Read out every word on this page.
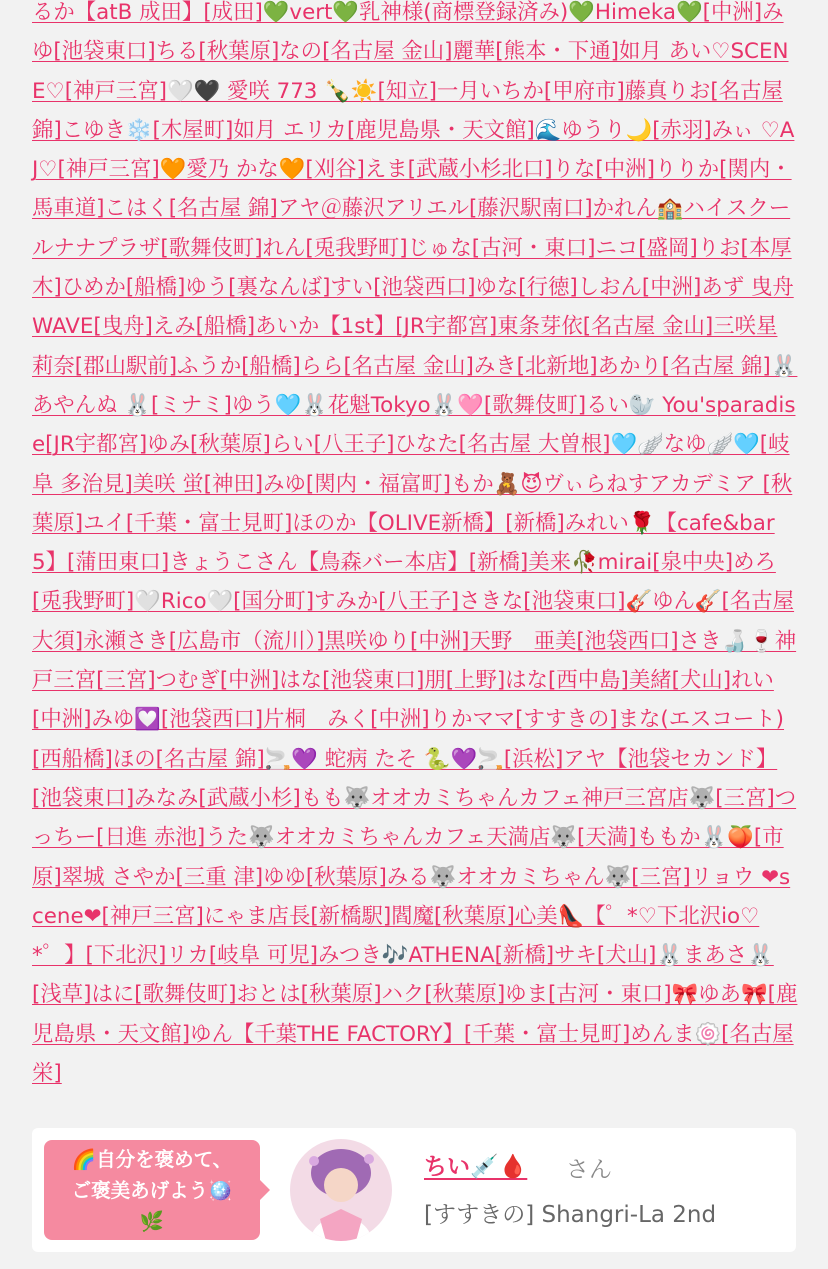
るか【atB 成田】[成田]💚vert💚乳神様(商標登録済み)💚Himeka💚[中洲]みゆ[池袋東口]ちる[秋葉原]なの[名古屋 金山]麗華[熊本・下通]如月 あい♡SCENE♡[神戸三宮]🤍🖤 愛咲 773 🍾☀️[知立]一月いちか[甲府市]藤真りお[名古屋 錦]こゆき❄️[木屋町]如月 エリカ[鹿児島県・天文館]🌊ゆうり🌙[赤羽]みぃ ♡AJ♡[神戸三宮]🧡愛乃 かな🧡[刈谷]えま[武蔵小杉北口]りな[中洲]りりか[関内・馬車道]こはく[名古屋 錦]アヤ＠藤沢アリエル[藤沢駅南口]かれん🏫ハイスクールナナプラザ[歌舞伎町]れん[兎我野町]じゅな[古河・東口]ニコ[盛岡]りお[本厚木]ひめか[船橋]ゆう[裏なんば]すい[池袋西口]ゆな[行徳]しおん[中洲]あず 曳舟WAVE[曳舟]えみ[船橋]あいか【1st】[JR宇都宮]東条芽依[名古屋 金山]三咲星莉奈[郡山駅前]ふうか[船橋]らら[名古屋 金山]みき[北新地]あかり[名古屋 錦]🐰 あやんぬ 🐰[ミナミ]ゆう🩵🐰花魁Tokyo🐰🩷[歌舞伎町]るい🦭 You'sparadise[JR宇都宮]ゆみ[秋葉原]らい[八王子]ひなた[名古屋 大曽根]🩵🪽なゆ🪽🩵[岐阜 多治見]美咲 蛍[神田]みゆ[関内・福富町]もか🧸😈ヴぃらねすアカデミア [秋葉原]ユイ[千葉・富士見町]ほのか【OLIVE新橋】[新橋]みれい🌹【cafe&bar 5】[蒲田東口]きょうこさん【鳥森バー本店】[新橋]美来🥀mirai[泉中央]めろ[兎我野町]🤍Rico🤍[国分町]すみか[八王子]さきな[池袋東口]🎸ゆん🎸[名古屋 大須]永瀬さき[広島市（流川）]黒咲ゆり[中洲]天野　亜美[池袋西口]さき🍶🍷神戸三宮[三宮]つむぎ[中洲]はな[池袋東口]朋[上野]はな[西中島]美緒[犬山]れい[中洲]みゆ💟[池袋西口]片桐　みく[中洲]りかママ[すすきの]まな(エスコート)[西船橋]ほの[名古屋 錦]🚬💜 蛇病 たそ 🐍💜🚬[浜松]アヤ【池袋セカンド】[池袋東口]みなみ[武蔵小杉]もも🐺オオカミちゃんカフェ神戸三宮店🐺[三宮]つっちー[日進 赤池]うた🐺オオカミちゃんカフェ天満店🐺[天満]ももか🐰🍑[市原]翠城 さやか[三重 津]ゆゆ[秋葉原]みる🐺オオカミちゃん🐺[三宮]リョウ ❤scene❤[神戸三宮]にゃま店長[新橋駅]閻魔[秋葉原]心美👠【゜*♡下北沢io♡*゜】[下北沢]リカ[岐阜 可児]みつき🎶ATHENA[新橋]サキ[犬山]🐰まあさ🐰[浅草]はに[歌舞伎町]おとは[秋葉原]ハク[秋葉原]ゆま[古河・東口]🎀ゆあ🎀[鹿児島県・天文館]ゆん【千葉THE FACTORY】[千葉・富士見町]めんま🍥[名古屋 栄]
🌈自分を褒めて、
ご褒美あげよう🪩
🌿
ちい💉🩸 さん
[すすきの] Shangri-La 2nd
